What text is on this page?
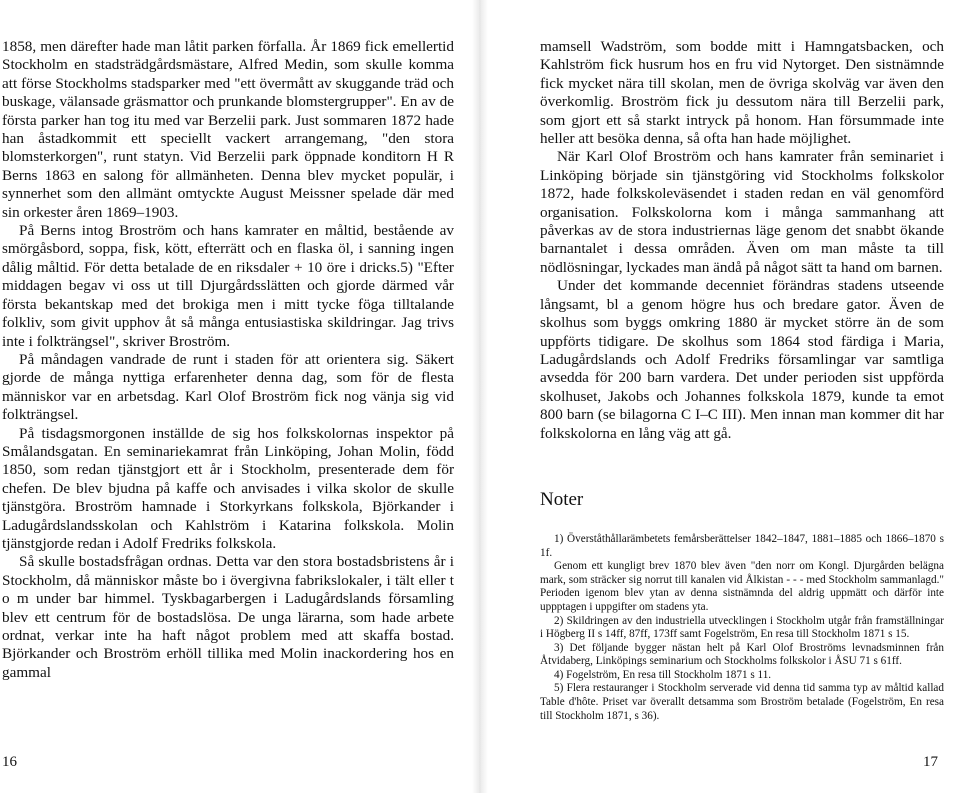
1858, men därefter hade man låtit parken förfalla. År 1869 fick emellertid Stockholm en stadsträdgårdsmästare, Alfred Medin, som skulle komma att förse Stockholms stadsparker med "ett övermått av skuggande träd och buskage, välansade gräsmattor och prunkande blomstergrupper". En av de första parker han tog itu med var Berzelii park. Just sommaren 1872 hade han åstadkommit ett speciellt vackert arrangemang, "den stora blomsterkorgen", runt statyn. Vid Berzelii park öppnade konditorn H R Berns 1863 en salong för allmänheten. Denna blev mycket populär, i synnerhet som den allmänt omtyckte August Meissner spelade där med sin orkester åren 1869–1903.

På Berns intog Broström och hans kamrater en måltid, bestående av smörgåsbord, soppa, fisk, kött, efterrätt och en flaska öl, i sanning ingen dålig måltid. För detta betalade de en riksdaler + 10 öre i dricks.5) "Efter middagen begav vi oss ut till Djurgårdsslätten och gjorde därmed vår första bekantskap med det brokiga men i mitt tycke föga tilltalande folkliv, som givit upphov åt så många entusiastiska skildringar. Jag trivs inte i folkträngsel", skriver Broström.

På måndagen vandrade de runt i staden för att orientera sig. Säkert gjorde de många nyttiga erfarenheter denna dag, som för de flesta människor var en arbetsdag. Karl Olof Broström fick nog vänja sig vid folkträngsel.

På tisdagsmorgonen inställde de sig hos folkskolornas inspektor på Smålandsgatan. En seminariekamrat från Linköping, Johan Molin, född 1850, som redan tjänstgjort ett år i Stockholm, presenterade dem för chefen. De blev bjudna på kaffe och anvisades i vilka skolor de skulle tjänstgöra. Broström hamnade i Storkyrkans folkskola, Björkander i Ladugårdslandsskolan och Kahlström i Katarina folkskola. Molin tjänstgjorde redan i Adolf Fredriks folkskola.

Så skulle bostadsfrågan ordnas. Detta var den stora bostadsbristens år i Stockholm, då människor måste bo i övergivna fabrikslokaler, i tält eller t o m under bar himmel. Tyskbagarbergen i Ladugårdslands församling blev ett centrum för de bostadslösa. De unga lärarna, som hade arbete ordnat, verkar inte ha haft något problem med att skaffa bostad. Björkander och Broström erhöll tillika med Molin inackordering hos en gammal

16

mamsell Wadström, som bodde mitt i Hamngatsbacken, och Kahlström fick husrum hos en fru vid Nytorget. Den sistnämnde fick mycket nära till skolan, men de övriga skolväg var även den överkomlig. Broström fick ju dessutom nära till Berzelii park, som gjort ett så starkt intryck på honom. Han försummade inte heller att besöka denna, så ofta han hade möjlighet.

När Karl Olof Broström och hans kamrater från seminariet i Linköping började sin tjänstgöring vid Stockholms folkskolor 1872, hade folkskoleväsendet i staden redan en väl genomförd organisation. Folkskolorna kom i många sammanhang att påverkas av de stora industriernas läge genom det snabbt ökande barnantalet i dessa områden. Även om man måste ta till nödlösningar, lyckades man ändå på något sätt ta hand om barnen.

Under det kommande decenniet förändras stadens utseende långsamt, bl a genom högre hus och bredare gator. Även de skolhus som byggs omkring 1880 är mycket större än de som uppförts tidigare. De skolhus som 1864 stod färdiga i Maria, Ladugårdslands och Adolf Fredriks församlingar var samtliga avsedda för 200 barn vardera. Det under perioden sist uppförda skolhuset, Jakobs och Johannes folkskola 1879, kunde ta emot 800 barn (se bilagorna C I–C III). Men innan man kommer dit har folkskolorna en lång väg att gå.

Noter

1) Överståthållarämbetets femårsberättelser 1842–1847, 1881–1885 och 1866–1870 s 1f.

Genom ett kungligt brev 1870 blev även "den norr om Kongl. Djurgården belägna mark, som sträcker sig norrut till kanalen vid Ålkistan - - - med Stockholm sammanlagd." Perioden igenom blev ytan av denna sistnämnda del aldrig uppmätt och därför inte uppptagen i uppgifter om stadens yta.

2) Skildringen av den industriella utvecklingen i Stockholm utgår från framställningar i Högberg II s 14ff, 87ff, 173ff samt Fogelström, En resa till Stockholm 1871 s 15.

3) Det följande bygger nästan helt på Karl Olof Broströms levnadsminnen från Åtvidaberg, Linköpings seminarium och Stockholms folkskolor i ÅSU 71 s 61ff.

4) Fogelström, En resa till Stockholm 1871 s 11.

5) Flera restauranger i Stockholm serverade vid denna tid samma typ av måltid kallad Table d'hôte. Priset var överallt detsamma som Broström betalade (Fogelström, En resa till Stockholm 1871, s 36).

17
